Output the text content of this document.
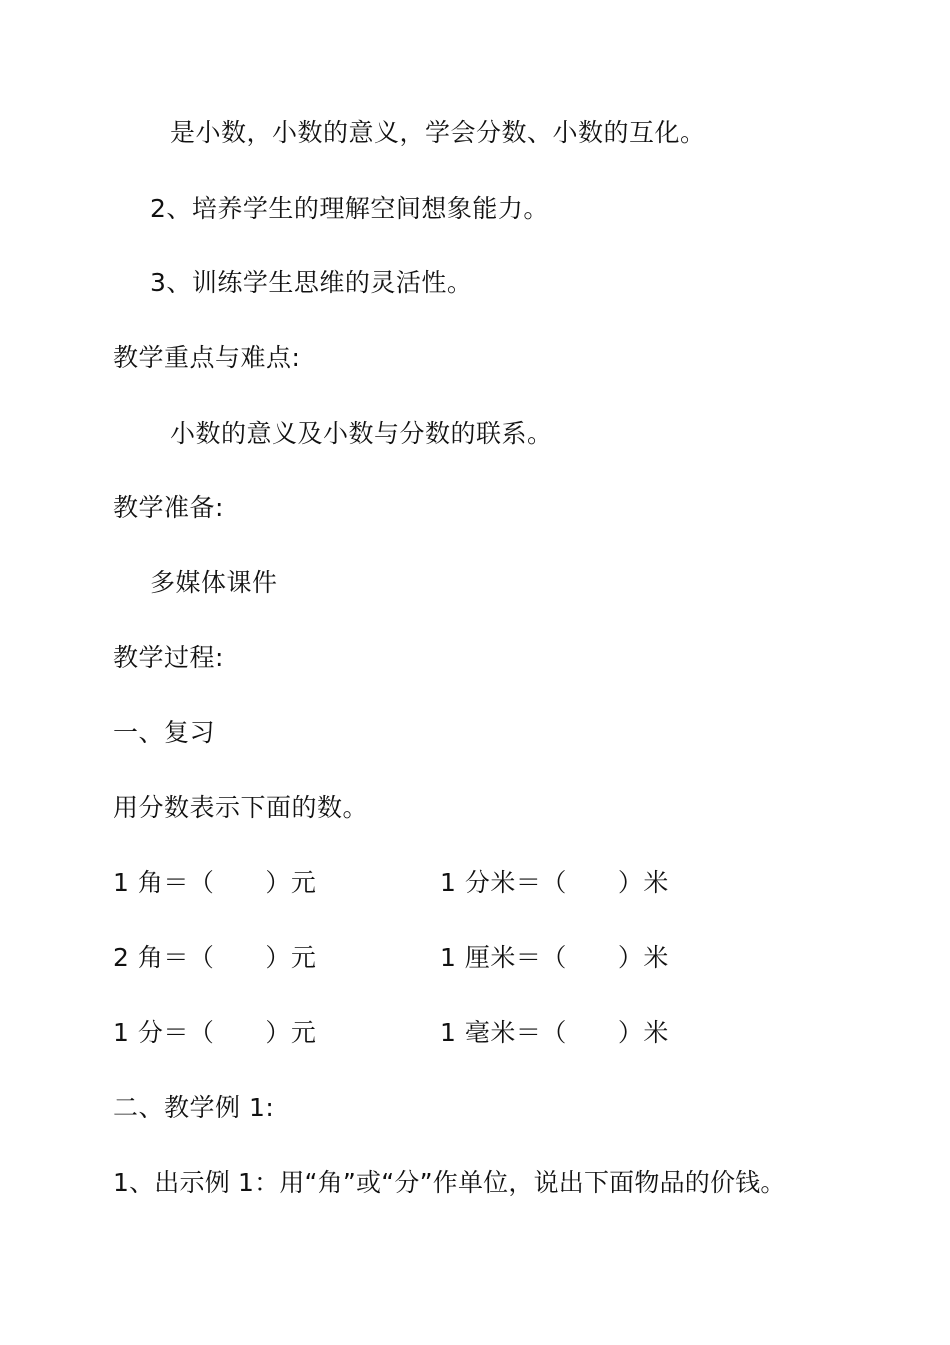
是小数，小数的意义，学会分数、小数的互化。
2、培养学生的理解空间想象能力。
3、训练学生思维的灵活性。
教学重点与难点:
小数的意义及小数与分数的联系。
教学准备:
多媒体课件
教学过程:
一、复习
用分数表示下面的数。
1 角＝（　　）元	1 分米＝（　　）米
2 角＝（　　）元	1 厘米＝（　　）米
1 分＝（　　）元	1 毫米＝（　　）米
二、教学例 1:
1、出示例 1：用“角”或“分”作单位，说出下面物品的价钱。
